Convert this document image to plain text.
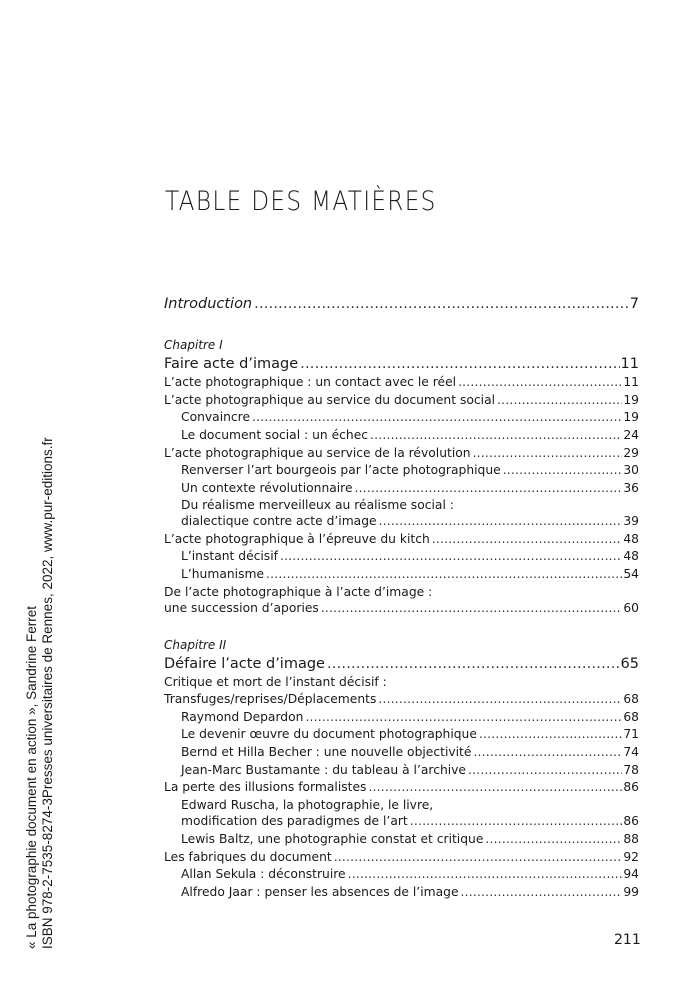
« La photographie document en action », Sandrine Ferret ISBN 978-2-7535-8274-3Presses universitaires de Rennes, 2022, www.pur-editions.fr
TABLE DES MATIÈRES
Introduction .....	7
Chapitre I
Faire acte d’image .....	11
L’acte photographique : un contact avec le réel .....	11
L’acte photographique au service du document social .....	19
Convaincre .....	19
Le document social : un échec .....	24
L’acte photographique au service de la révolution .....	29
Renverser l’art bourgeois par l’acte photographique .....	30
Un contexte révolutionnaire .....	36
Du réalisme merveilleux au réalisme social :
dialectique contre acte d’image .....	39
L’acte photographique à l’épreuve du kitch .....	48
L’instant décisif .....	48
L’humanisme .....	54
De l’acte photographique à l’acte d’image :
une succession d’apories .....	60
Chapitre II
Défaire l’acte d’image .....	65
Critique et mort de l’instant décisif :
Transfuges/reprises/Déplacements .....	68
Raymond Depardon .....	68
Le devenir œuvre du document photographique .....	71
Bernd et Hilla Becher : une nouvelle objectivité .....	74
Jean-Marc Bustamante : du tableau à l’archive .....	78
La perte des illusions formalistes .....	86
Edward Ruscha, la photographie, le livre,
modification des paradigmes de l’art .....	86
Lewis Baltz, une photographie constat et critique .....	88
Les fabriques du document .....	92
Allan Sekula : déconstruire .....	94
Alfredo Jaar : penser les absences de l’image .....	99
211
